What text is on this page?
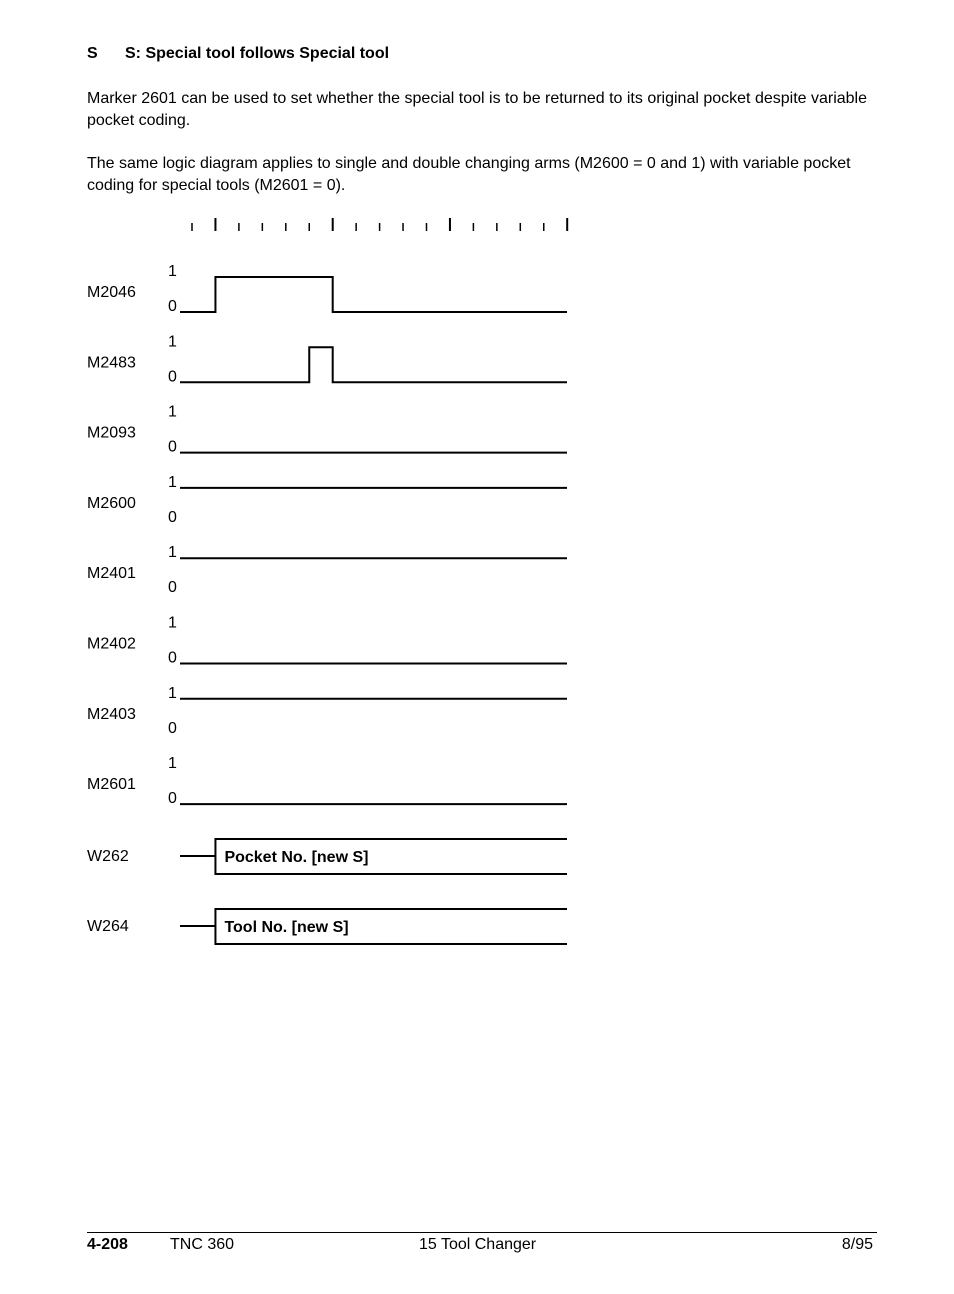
S S: Special tool follows Special tool

Marker 2601 can be used to set whether the special tool is to be returned to its original pocket despite variable pocket coding.

The same logic diagram applies to single and double changing arms (M2600 = 0 and 1) with variable pocket coding for special tools (M2601 = 0).

M2046
1
0
M2483
1
0
M2093
1
0
M2600
1
0
M2401
1
0
M2402
1
0
M2403
1
0
M2601
1
0
W262	Pocket No. [new S]
W264	Tool No. [new S]
4-208	TNC 360	15 Tool Changer	8/95
